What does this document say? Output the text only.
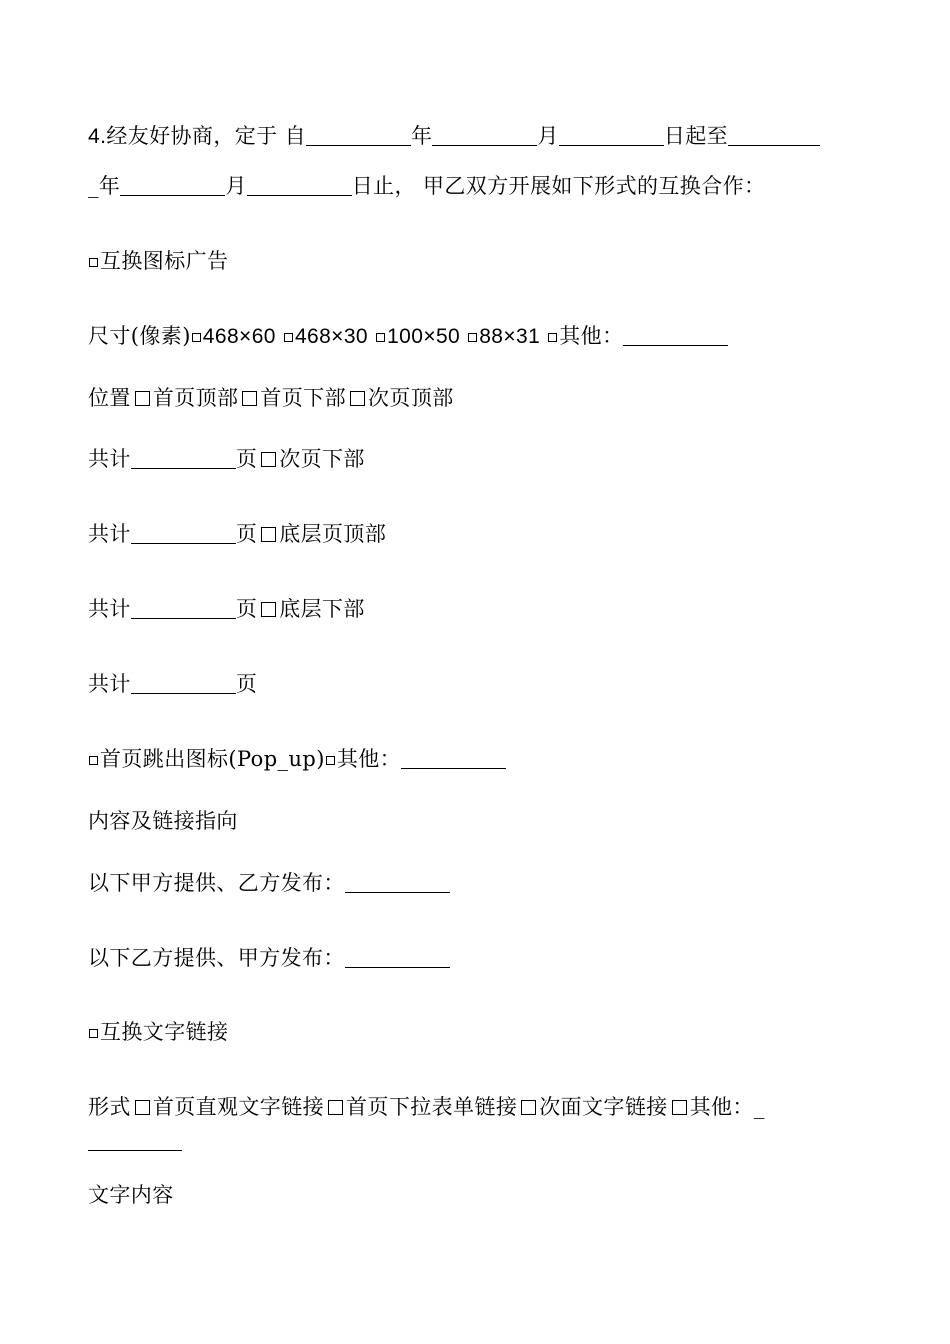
4.经友好协商，定于 自	年	月	日起至
_年	月	日止， 甲乙双方开展如下形式的互换合作：
互换图标广告
尺寸(像素) 468×60 468×30 100×50 88×31 其他：
位置 首页顶部 首页下部 次页顶部
共计	页 次页下部
共计	页 底层页顶部
共计	页 底层下部
共计	页
首页跳出图标(Pop_up) 其他：
内容及链接指向
以下甲方提供、乙方发布：
以下乙方提供、甲方发布：
互换文字链接
形式 首页直观文字链接 首页下拉表单链接 次面文字链接 其他：_
文字内容
